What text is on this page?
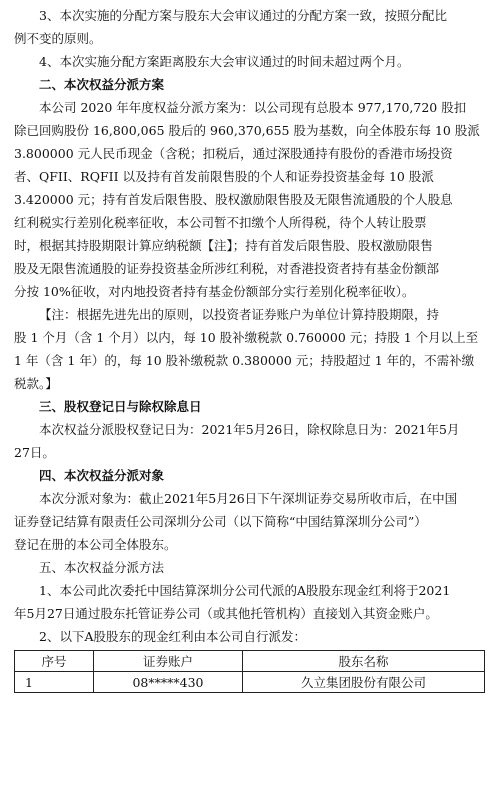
3、本次实施的分配方案与股东大会审议通过的分配方案一致，按照分配比

例不变的原则。

4、本次实施分配方案距离股东大会审议通过的时间未超过两个月。

二、本次权益分派方案

本公司 2020 年年度权益分派方案为：以公司现有总股本 977,170,720 股扣

除已回购股份 16,800,065 股后的 960,370,655 股为基数，向全体股东每 10 股派

3.800000 元人民币现金（含税；扣税后，通过深股通持有股份的香港市场投资

者、QFII、RQFII 以及持有首发前限售股的个人和证券投资基金每 10 股派

3.420000 元；持有首发后限售股、股权激励限售股及无限售流通股的个人股息

红利税实行差别化税率征收，本公司暂不扣缴个人所得税，待个人转让股票

时，根据其持股期限计算应纳税额【注】；持有首发后限售股、股权激励限售

股及无限售流通股的证券投资基金所涉红利税，对香港投资者持有基金份额部

分按 10%征收，对内地投资者持有基金份额部分实行差别化税率征收）。

【注：根据先进先出的原则，以投资者证券账户为单位计算持股期限，持

股 1 个月（含 1 个月）以内，每 10 股补缴税款 0.760000 元；持股 1 个月以上至

1 年（含 1 年）的，每 10 股补缴税款 0.380000 元；持股超过 1 年的，不需补缴

税款。】

三、股权登记日与除权除息日

本次权益分派股权登记日为：2021年5月26日，除权除息日为：2021年5月

27日。

四、本次权益分派对象

本次分派对象为：截止2021年5月26日下午深圳证券交易所收市后，在中国

证券登记结算有限责任公司深圳分公司（以下简称“中国结算深圳分公司”）

登记在册的本公司全体股东。

五、本次权益分派方法

1、本公司此次委托中国结算深圳分公司代派的A股股东现金红利将于2021

年5月27日通过股东托管证券公司（或其他托管机构）直接划入其资金账户。

2、以下A股股东的现金红利由本公司自行派发：

序号	证券账户	股东名称
1	08*****430	久立集团股份有限公司
